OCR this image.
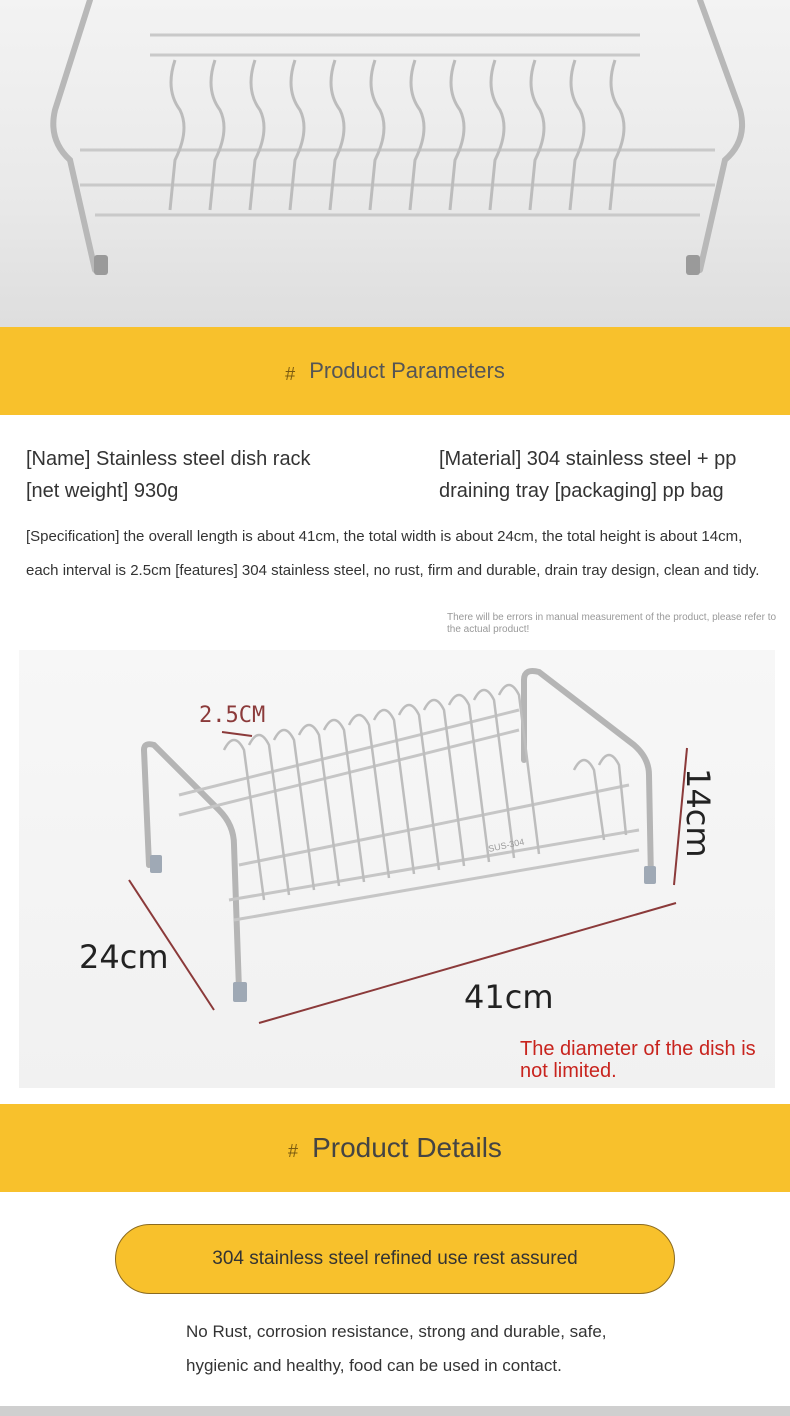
# Product Parameters
[Name] Stainless steel dish rack [net weight] 930g
[Material] 304 stainless steel + pp draining tray [packaging] pp bag
[Specification] the overall length is about 41cm, the total width is about 24cm, the total height is about 14cm, each interval is 2.5cm [features] 304 stainless steel, no rust, firm and durable, drain tray design, clean and tidy.
There will be errors in manual measurement of the product, please refer to the actual product!
SUS-304
2.5CM
24cm
41cm
14cm
The diameter of the dish is not limited.
# Product Details
304 stainless steel refined use rest assured
No Rust, corrosion resistance, strong and durable, safe, hygienic and healthy, food can be used in contact.
